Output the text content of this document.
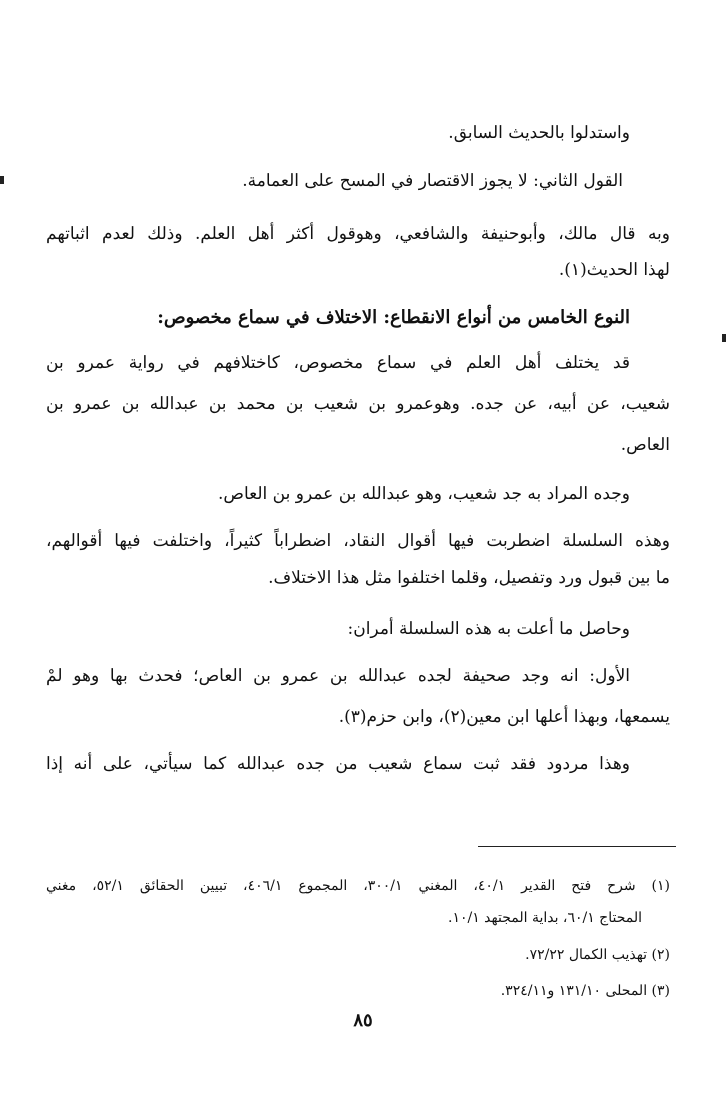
واستدلوا بالحديث السابق.
القول الثاني: لا يجوز الاقتصار في المسح على العمامة.
وبه قال مالك، وأبوحنيفة والشافعي، وهوقول أكثر أهل العلم. وذلك لعدم اثباتهم
لهذا الحديث(١).
النوع الخامس من أنواع الانقطاع: الاختلاف في سماع مخصوص:
قد يختلف أهل العلم في سماع مخصوص، كاختلافهم في رواية عمرو بن
شعيب، عن أبيه، عن جده. وهوعمرو بن شعيب بن محمد بن عبدالله بن عمرو بن
العاص.
وجده المراد به جد شعيب، وهو عبدالله بن عمرو بن العاص.
وهذه السلسلة اضطربت فيها أقوال النقاد، اضطراباً كثيراً، واختلفت فيها أقوالهم،
ما بين قبول ورد وتفصيل، وقلما اختلفوا مثل هذا الاختلاف.
وحاصل ما أعلت به هذه السلسلة أمران:
الأول: انه وجد صحيفة لجده عبدالله بن عمرو بن العاص؛ فحدث بها وهو لمْ
يسمعها، وبهذا أعلها ابن معين(٢)، وابن حزم(٣).
وهذا مردود فقد ثبت سماع شعيب من جده عبدالله كما سيأتي، على أنه إذا
(١) شرح فتح القدير ٤٠/١، المغني ٣٠٠/١، المجموع ٤٠٦/١، تبيين الحقائق ٥٢/١، مغني
المحتاج ٦٠/١، بداية المجتهد ١٠/١.
(٢) تهذيب الكمال ٧٢/٢٢.
(٣) المحلى ١٣١/١٠ و٣٢٤/١١.
٨٥
